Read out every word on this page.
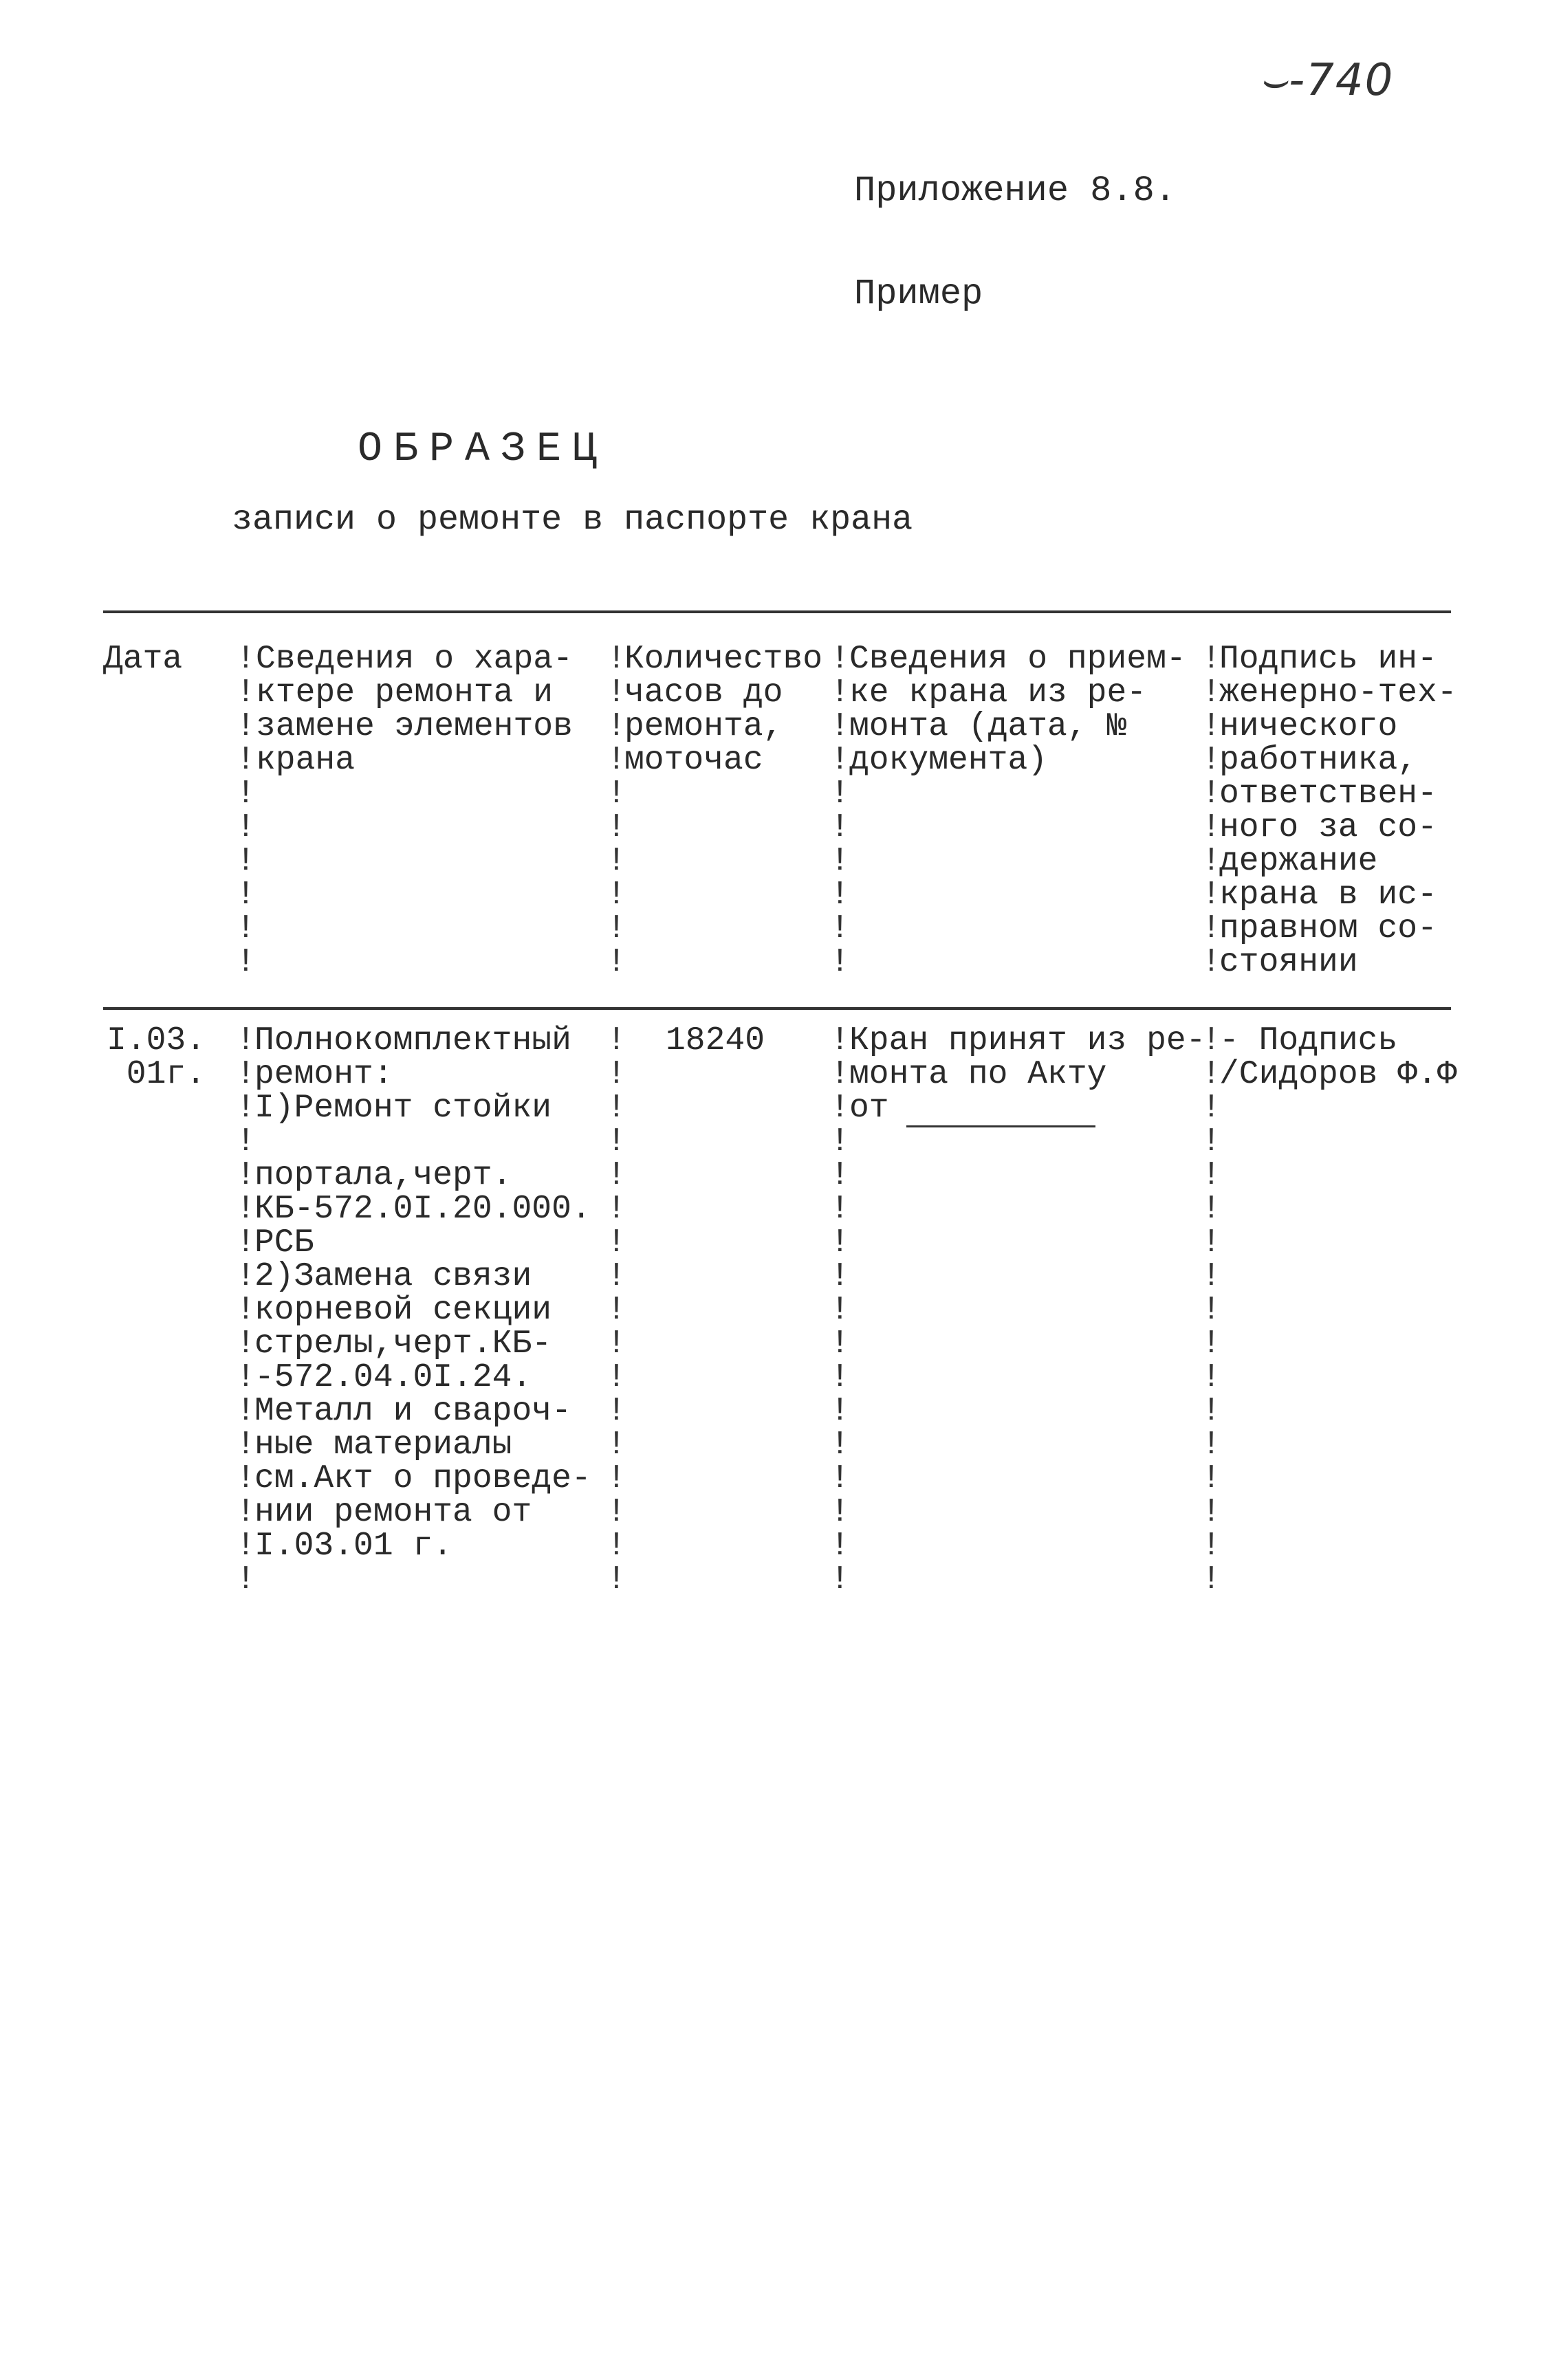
⌣-740
Приложение 8.8.
Пример
ОБРАЗЕЦ
записи о ремонте в паспорте крана
Дата !
!
!
!
!
!
!
!
!
!
Сведения о хара-
ктере ремонта и
замене элементов
крана
!
!
!
!
!
!
!
!
!
!
Количество
часов до
ремонта,
моточас
!
!
!
!
!
!
!
!
!
!
Сведения о прием-
ке крана из ре-
монта (дата, №
документа)
!
!
!
!
!
!
!
!
!
!
Подпись ин-
женерно-тех-
нического
работника,
ответствен-
ного за со-
держание
крана в ис-
правном со-
стоянии
I.03.
01г.
!
!
!
!
!
!
!
!
!
!
!
!
!
!
!
!
!
Полнокомплектный
ремонт:
I)Ремонт стойки

портала,черт.
КБ-572.0I.20.000.
РСБ
2)Замена связи
корневой секции
стрелы,черт.КБ-
-572.04.0I.24.
Металл и свароч-
ные материалы
см.Акт о проведе-
нии ремонта от
I.03.01 г.
!
!
!
!
!
!
!
!
!
!
!
!
!
!
!
!
!
18240 !
!
!
!
!
!
!
!
!
!
!
!
!
!
!
!
!
Кран принят из ре-
монта по Акту
от
!
!
!
!
!
!
!
!
!
!
!
!
!
!
!
!
!
- Подпись
/Сидоров Ф.Ф
